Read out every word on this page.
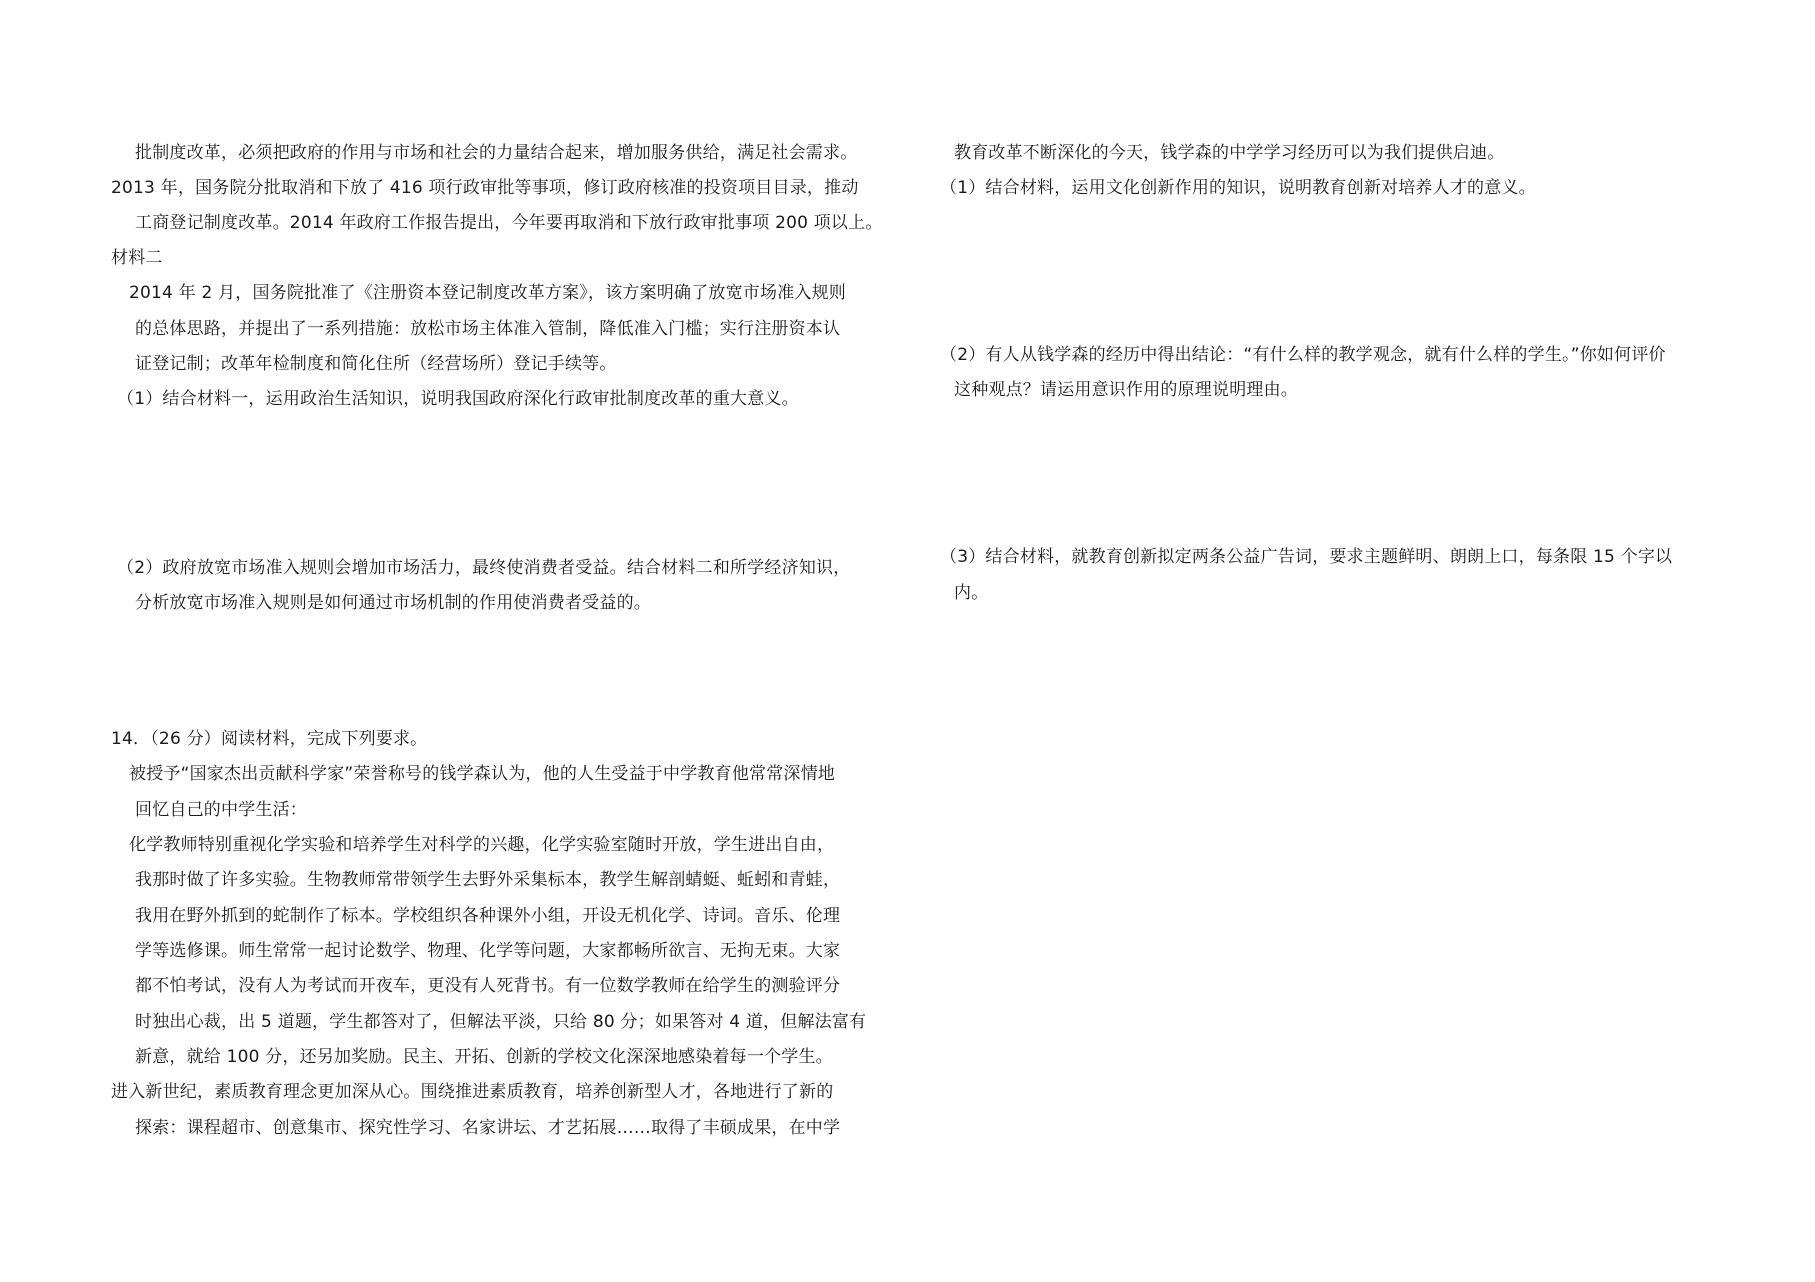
批制度改革，必须把政府的作用与市场和社会的力量结合起来，增加服务供给，满足社会需求。
2013 年，国务院分批取消和下放了 416 项行政审批等事项，修订政府核准的投资项目目录，推动
工商登记制度改革。2014 年政府工作报告提出，今年要再取消和下放行政审批事项 200 项以上。
材料二
2014 年 2 月，国务院批准了《注册资本登记制度改革方案》，该方案明确了放宽市场准入规则
的总体思路，并提出了一系列措施：放松市场主体准入管制，降低准入门槛；实行注册资本认
证登记制；改革年检制度和简化住所（经营场所）登记手续等。
（1）结合材料一，运用政治生活知识，说明我国政府深化行政审批制度改革的重大意义。
（2）政府放宽市场准入规则会增加市场活力，最终使消费者受益。结合材料二和所学经济知识，
分析放宽市场准入规则是如何通过市场机制的作用使消费者受益的。
14．（26 分）阅读材料，完成下列要求。
被授予“国家杰出贡献科学家”荣誉称号的钱学森认为，他的人生受益于中学教育他常常深情地
回忆自己的中学生活：
化学教师特别重视化学实验和培养学生对科学的兴趣，化学实验室随时开放，学生进出自由，
我那时做了许多实验。生物教师常带领学生去野外采集标本，教学生解剖蜻蜓、蚯蚓和青蛙，
我用在野外抓到的蛇制作了标本。学校组织各种课外小组，开设无机化学、诗词。音乐、伦理
学等选修课。师生常常一起讨论数学、物理、化学等问题，大家都畅所欲言、无拘无束。大家
都不怕考试，没有人为考试而开夜车，更没有人死背书。有一位数学教师在给学生的测验评分
时独出心裁，出 5 道题，学生都答对了，但解法平淡，只给 80 分；如果答对 4 道，但解法富有
新意，就给 100 分，还另加奖励。民主、开拓、创新的学校文化深深地感染着每一个学生。
进入新世纪，素质教育理念更加深从心。围绕推进素质教育，培养创新型人才，各地进行了新的
探索：课程超市、创意集市、探究性学习、名家讲坛、才艺拓展……取得了丰硕成果，在中学
教育改革不断深化的今天，钱学森的中学学习经历可以为我们提供启迪。
（1）结合材料，运用文化创新作用的知识，说明教育创新对培养人才的意义。
（2）有人从钱学森的经历中得出结论：“有什么样的教学观念，就有什么样的学生。”你如何评价
这种观点？请运用意识作用的原理说明理由。
（3）结合材料，就教育创新拟定两条公益广告词，要求主题鲜明、朗朗上口，每条限 15 个字以
内。
